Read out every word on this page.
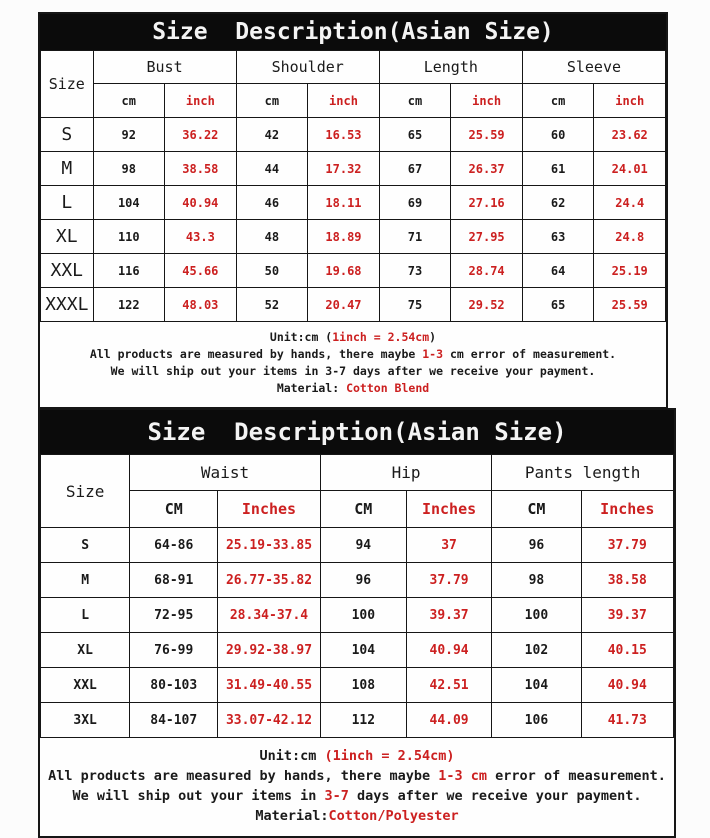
Size  Description(Asian Size)
Size	Bust		Shoulder		Length		Sleeve	
	cm	inch	cm	inch	cm	inch	cm	inch
S	92	36.22	42	16.53	65	25.59	60	23.62
M	98	38.58	44	17.32	67	26.37	61	24.01
L	104	40.94	46	18.11	69	27.16	62	24.4
XL	110	43.3	48	18.89	71	27.95	63	24.8
XXL	116	45.66	50	19.68	73	28.74	64	25.19
XXXL	122	48.03	52	20.47	75	29.52	65	25.59
Unit:cm (1inch = 2.54cm)
All products are measured by hands, there maybe 1-3 cm error of measurement.
We will ship out your items in 3-7 days after we receive your payment.
Material: Cotton Blend
Size  Description(Asian Size)
Size	Waist		Hip		Pants length	
	CM	Inches	CM	Inches	CM	Inches
S	64-86	25.19-33.85	94	37	96	37.79
M	68-91	26.77-35.82	96	37.79	98	38.58
L	72-95	28.34-37.4	100	39.37	100	39.37
XL	76-99	29.92-38.97	104	40.94	102	40.15
XXL	80-103	31.49-40.55	108	42.51	104	40.94
3XL	84-107	33.07-42.12	112	44.09	106	41.73
Unit:cm (1inch = 2.54cm)
All products are measured by hands, there maybe 1-3 cm error of measurement.
We will ship out your items in 3-7 days after we receive your payment.
Material:Cotton/Polyester
